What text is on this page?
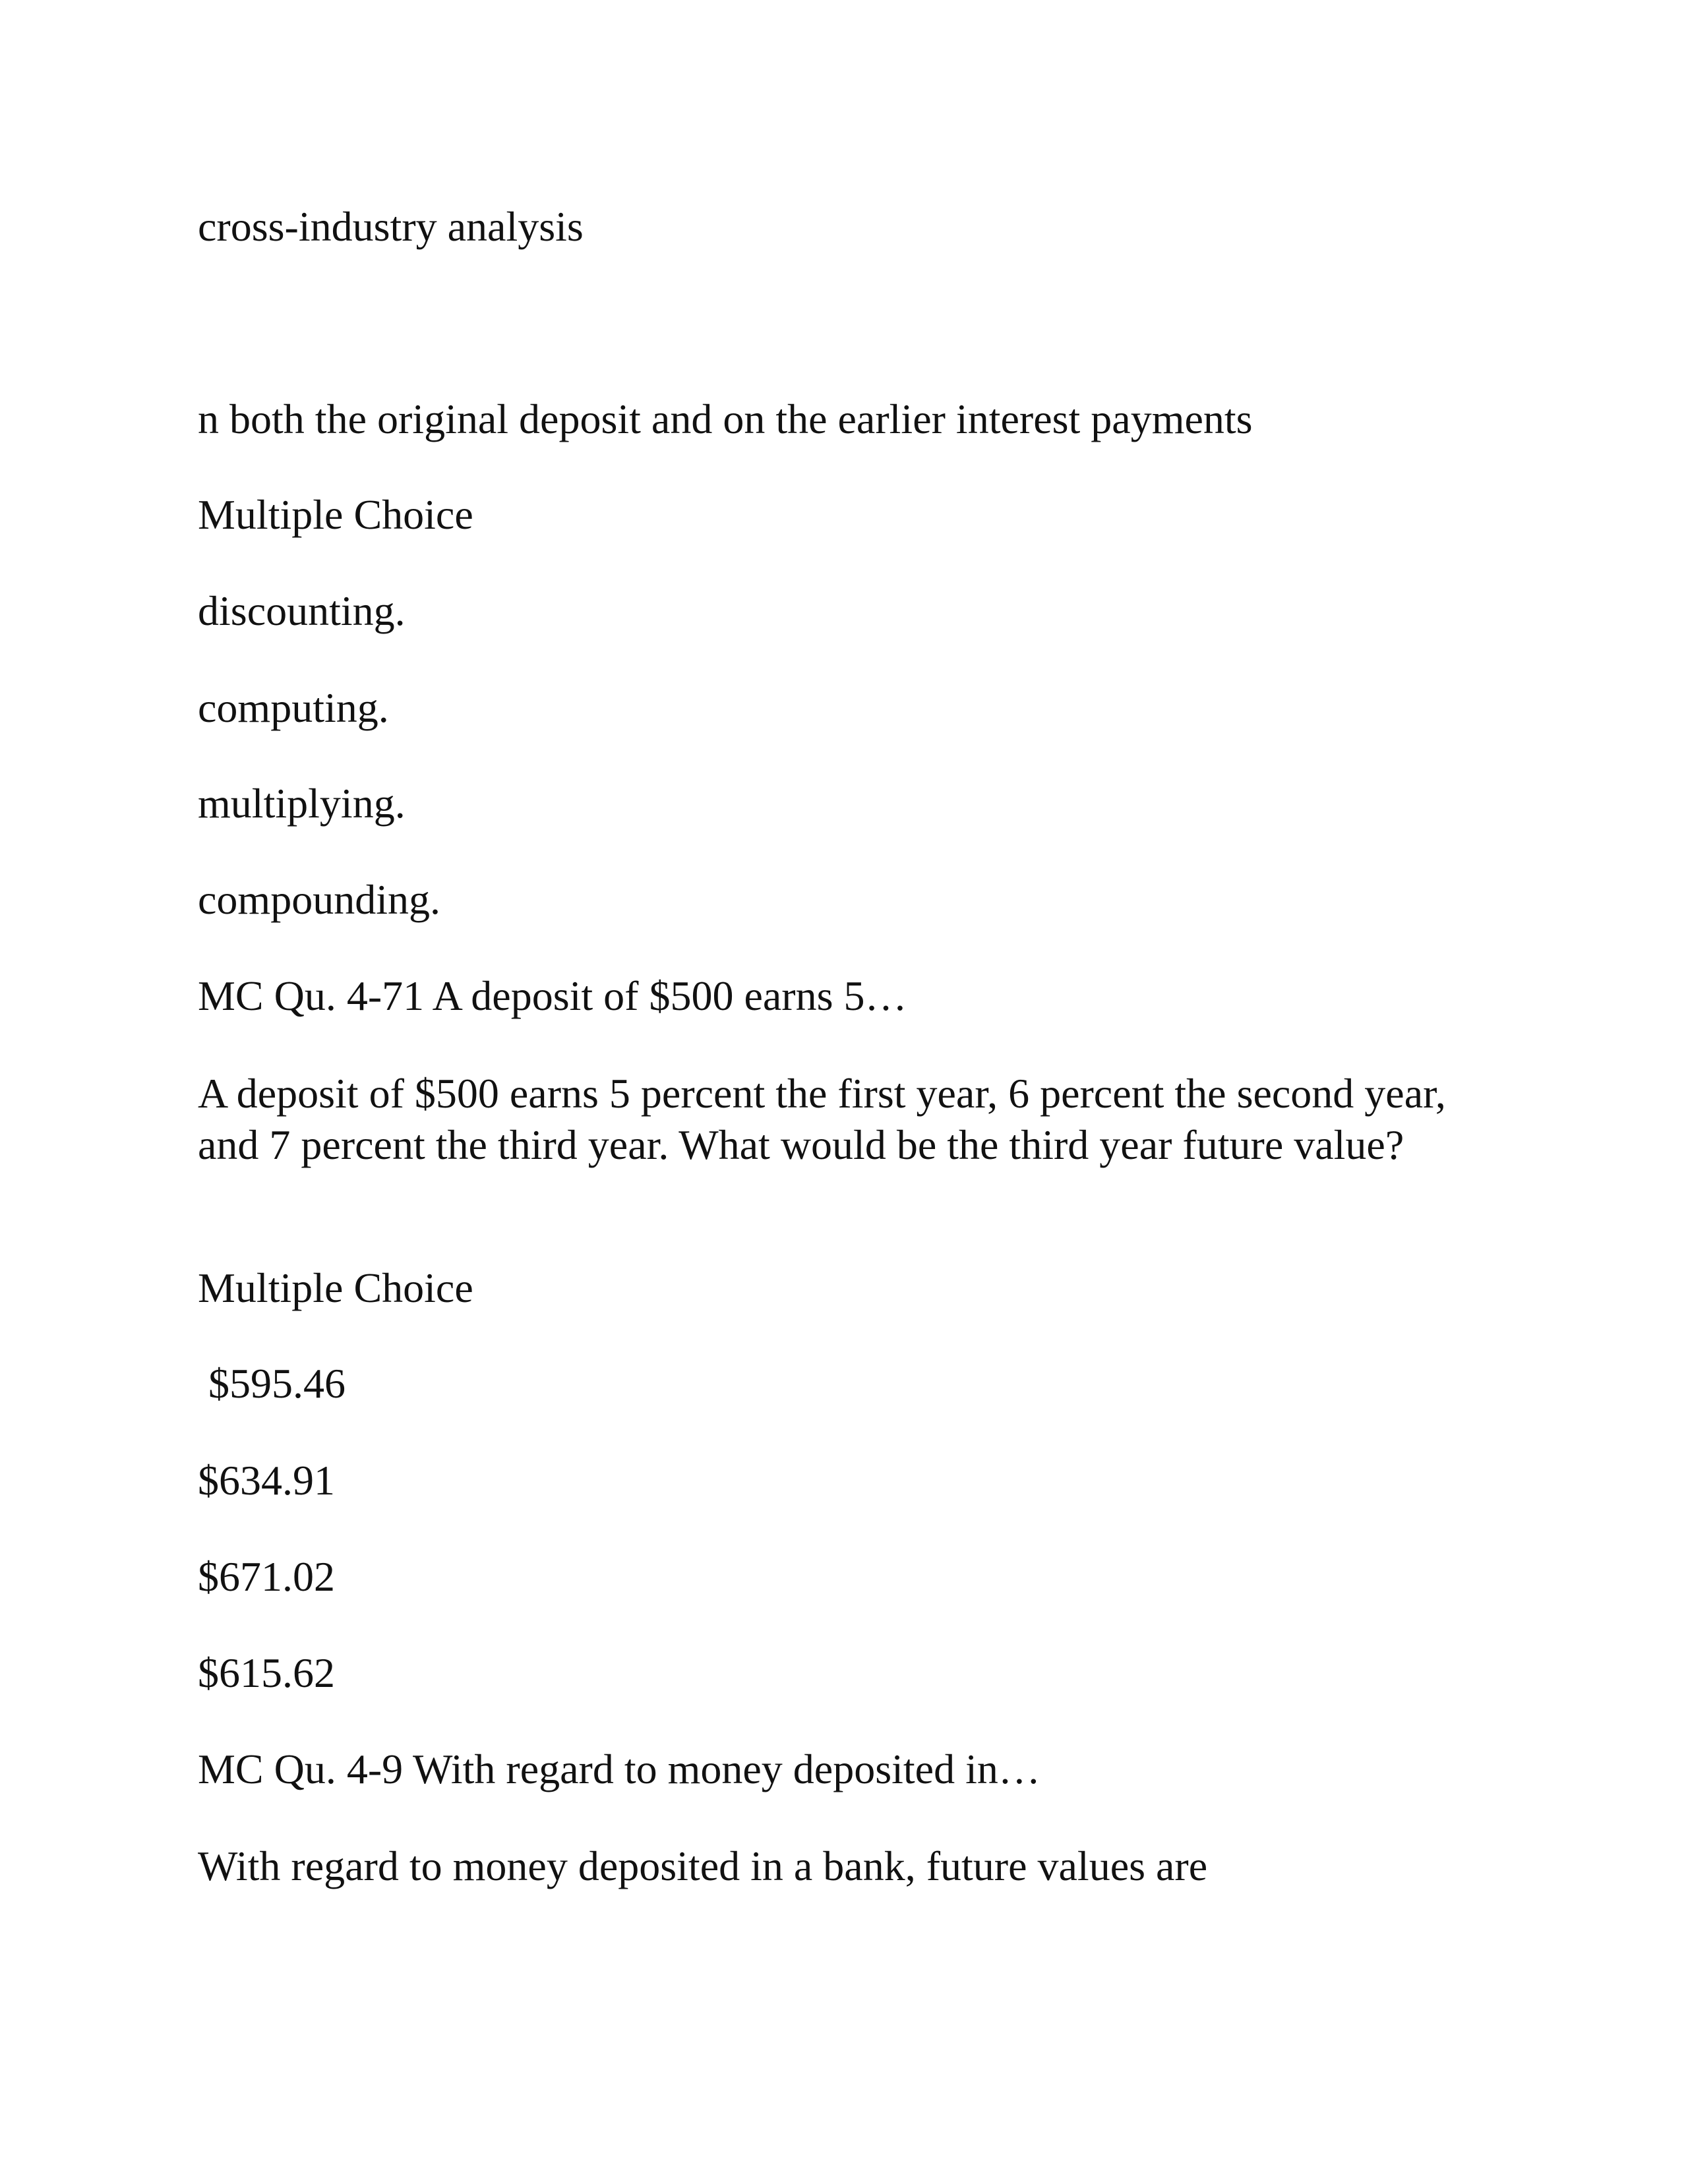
cross-industry analysis

n both the original deposit and on the earlier interest payments

Multiple Choice

discounting.

computing.

multiplying.

compounding.

MC Qu. 4-71 A deposit of $500 earns 5…

A deposit of $500 earns 5 percent the first year, 6 percent the second year, and 7 percent the third year. What would be the third year future value?

Multiple Choice

$595.46

$634.91

$671.02

$615.62

MC Qu. 4-9 With regard to money deposited in…

With regard to money deposited in a bank, future values are
